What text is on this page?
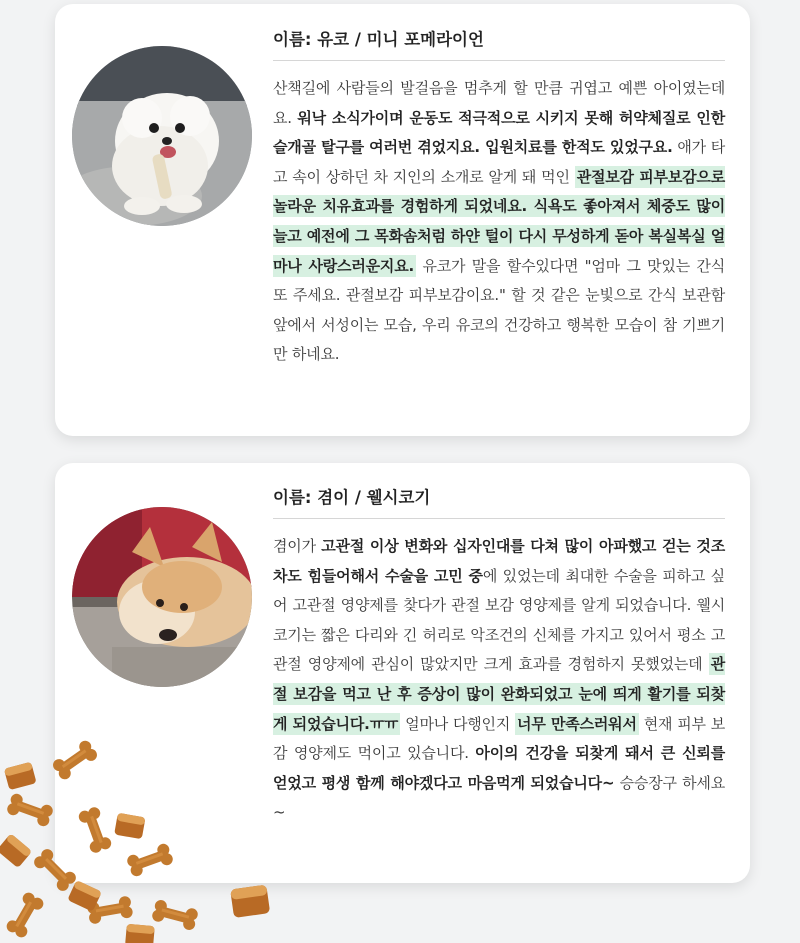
이름: 유코 / 미니 포메라이언
산책길에 사람들의 발걸음을 멈추게 할 만큼 귀엽고 예쁜 아이였는데요. 워낙 소식가이며 운동도 적극적으로 시키지 못해 허약체질로 인한 슬개골 탈구를 여러번 겪었지요. 입원치료를 한적도 있었구요. 애가 타고 속이 상하던 차 지인의 소개로 알게 돼 먹인 관절보감 피부보감으로 놀라운 치유효과를 경험하게 되었네요. 식욕도 좋아져서 체중도 많이 늘고 예전에 그 목화솜처럼 하얀 털이 다시 무성하게 돋아 복실복실 얼마나 사랑스러운지요. 유코가 말을 할수있다면 "엄마 그 맛있는 간식 또 주세요. 관절보감 피부보감이요." 할 것 같은 눈빛으로 간식 보관함 앞에서 서성이는 모습, 우리 유코의 건강하고 행복한 모습이 참 기쁘기만 하네요.
이름: 겸이 / 웰시코기
겸이가 고관절 이상 변화와 십자인대를 다쳐 많이 아파했고 걷는 것조차도 힘들어해서 수술을 고민 중에 있었는데 최대한 수술을 피하고 싶어 고관절 영양제를 찾다가 관절 보감 영양제를 알게 되었습니다. 웰시코기는 짧은 다리와 긴 허리로 악조건의 신체를 가지고 있어서 평소 고관절 영양제에 관심이 많았지만 크게 효과를 경험하지 못했었는데 관절 보감을 먹고 난 후 증상이 많이 완화되었고 눈에 띄게 활기를 되찾게 되었습니다.ㅠㅠ 얼마나 다행인지 너무 만족스러워서 현재 피부 보감 영양제도 먹이고 있습니다. 아이의 건강을 되찾게 돼서 큰 신뢰를 얻었고 평생 함께 해야겠다고 마음먹게 되었습니다~ 승승장구 하세요~
